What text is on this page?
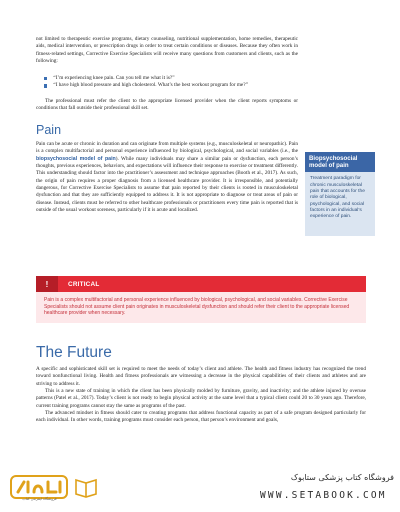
not limited to therapeutic exercise programs, dietary counseling, nutritional supplementation, home remedies, therapeutic aids, medical intervention, or prescription drugs in order to treat certain conditions or diseases. Because they often work in fitness-related settings, Corrective Exercise Specialists will receive many questions from customers and clients, such as the following:

“I’m experiencing knee pain. Can you tell me what it is?”
“I have high blood pressure and high cholesterol. What’s the best workout program for me?”

The professional must refer the client to the appropriate licensed provider when the client reports symptoms or conditions that fall outside their professional skill set.

Pain

Pain can be acute or chronic in duration and can originate from multiple systems (e.g., musculoskeletal or neuropathic). Pain is a complex multifactorial and personal experience influenced by biological, psychological, and social variables (i.e., the biopsychosocial model of pain). While many individuals may share a similar pain or dysfunction, each person’s thoughts, previous experiences, behaviors, and expectations will influence their response to exercise or treatment differently. This understanding should factor into the practitioner’s assessment and technique approaches (Booth et al., 2017). As such, the origin of pain requires a proper diagnosis from a licensed healthcare provider. It is irresponsible, and potentially dangerous, for Corrective Exercise Specialists to assume that pain reported by their clients is rooted in musculoskeletal dysfunction and that they are sufficiently equipped to address it. It is not appropriate to diagnose or treat areas of pain or disease. Instead, clients must be referred to other healthcare professionals or practitioners every time pain is reported that is outside of the usual workout soreness, particularly if it is acute and localized.

Biopsychosocial model of pain
Treatment paradigm for chronic musculoskeletal pain that accounts for the role of biological, psychological, and social factors in an individual’s experience of pain.
!	CRITICAL
Pain is a complex multifactorial and personal experience influenced by biological, psychological, and social variables. Corrective Exercise Specialists should not assume client pain originates in musculoskeletal dysfunction and should refer their client to the appropriate licensed healthcare provider when necessary.
The Future

A specific and sophisticated skill set is required to meet the needs of today’s client and athlete. The health and fitness industry has recognized the trend toward nonfunctional living. Health and fitness professionals are witnessing a decrease in the physical capabilities of their clients and athletes and are striving to address it.

This is a new state of training in which the client has been physically molded by furniture, gravity, and inactivity; and the athlete injured by overuse patterns (Patel et al., 2017). Today’s client is not ready to begin physical activity at the same level that a typical client could 20 to 30 years ago. Therefore, current training programs cannot stay the same as programs of the past.

The advanced mindset in fitness should cater to creating programs that address functional capacity as part of a safe program designed particularly for each individual. In other words, training programs must consider each person, that person’s environment and goals,

فروشگاه اینترنتی کتاب
فروشگاه کتاب پزشکی ستابوک
WWW.SETABOOK.COM
